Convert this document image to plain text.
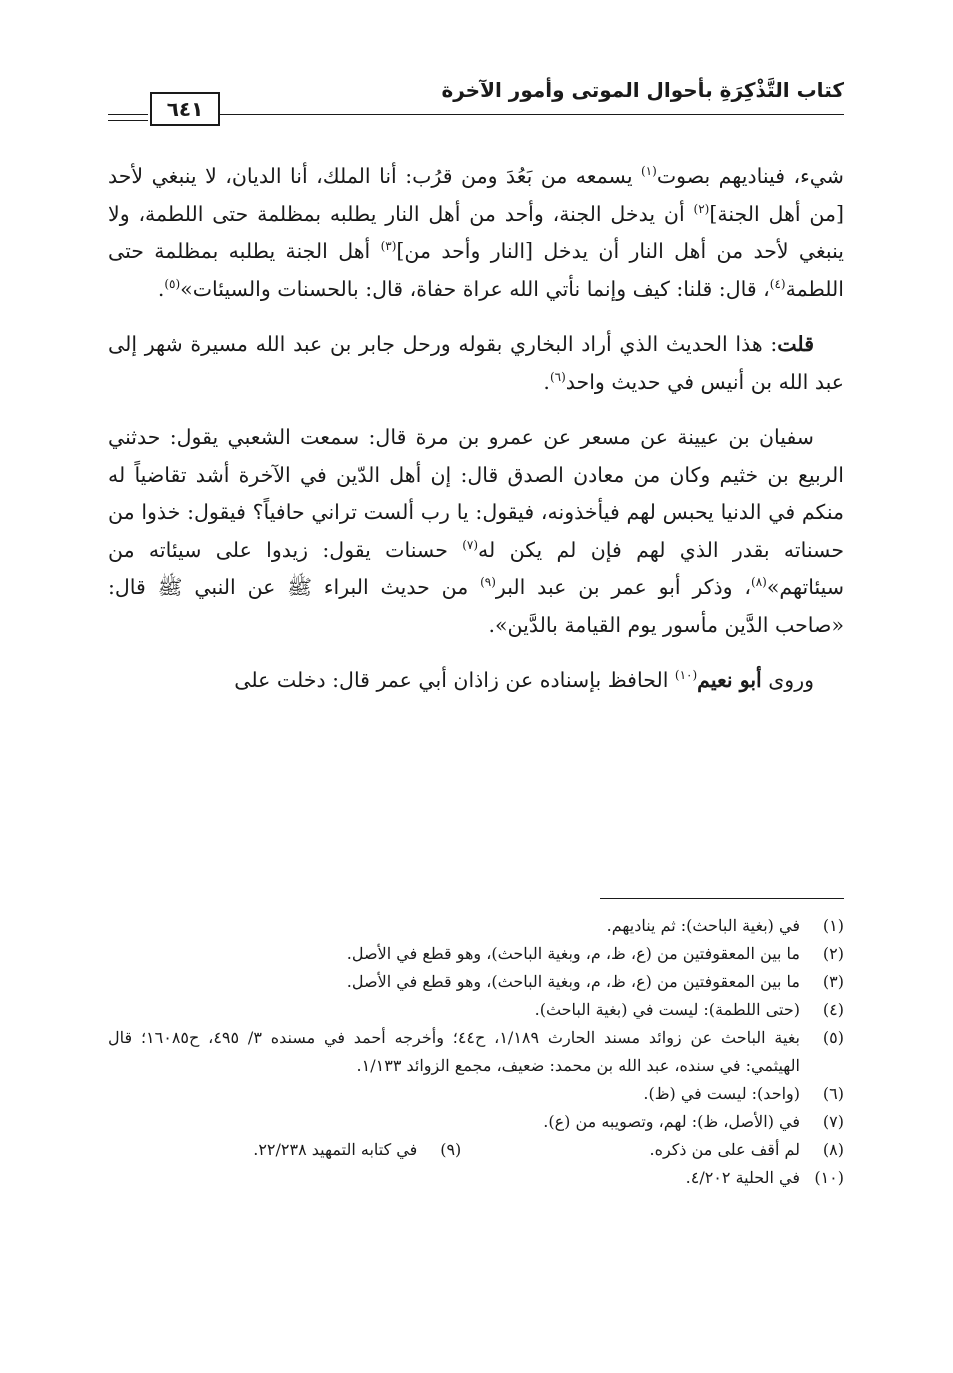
كتاب التَّذْكِرَةِ بأحوال الموتى وأمور الآخرة
٦٤١

شيء، فيناديهم بصوت$^{(١)}$ يسمعه من بَعُدَ ومن قرُب: أنا الملك، أنا الديان، لا ينبغي لأحد [من أهل الجنة]$^{(٢)}$ أن يدخل الجنة، وأحد من أهل النار يطلبه بمظلمة حتى اللطمة، ولا ينبغي لأحد من أهل النار أن يدخل [النار وأحد من]$^{(٣)}$ أهل الجنة يطلبه بمظلمة حتى اللطمة$^{(٤)}$، قال: قلنا: كيف وإنما نأتي الله عراة حفاة، قال: بالحسنات والسيئات»$^{(٥)}$.

قلت: هذا الحديث الذي أراد البخاري بقوله ورحل جابر بن عبد الله مسيرة شهر إلى عبد الله بن أنيس في حديث واحد$^{(٦)}$.

سفيان بن عيينة عن مسعر عن عمرو بن مرة قال: سمعت الشعبي يقول: حدثني الربيع بن خثيم وكان من معادن الصدق قال: إن أهل الدّين في الآخرة أشد تقاضياً له منكم في الدنيا يحبس لهم فيأخذونه، فيقول: يا رب ألست تراني حافياً؟ فيقول: خذوا من حسناته بقدر الذي لهم فإن لم يكن له$^{(٧)}$ حسنات يقول: زيدوا على سيئاته من سيئاتهم»$^{(٨)}$، وذكر أبو عمر بن عبد البر$^{(٩)}$ من حديث البراء ﷺ عن النبي ﷺ قال: «صاحب الدَّين مأسور يوم القيامة بالدَّين».

وروى أبو نعيم$^{(١٠)}$ الحافظ بإسناده عن زاذان أبي عمر قال: دخلت على

(١)
في (بغية الباحث): ثم يناديهم.
(٢)
ما بين المعقوفتين من (ع، ظ، م، وبغية الباحث)، وهو قطع في الأصل.
(٣)
ما بين المعقوفتين من (ع، ظ، م، وبغية الباحث)، وهو قطع في الأصل.
(٤)
(حتى اللطمة): ليست في (بغية الباحث).
(٥)
بغية الباحث عن زوائد مسند الحارث ١/١٨٩، ح٤٤؛ وأخرجه أحمد في مسنده ٣/ ٤٩٥، ح١٦٠٨٥؛ قال الهيثمي: في سنده، عبد الله بن محمد: ضعيف، مجمع الزوائد ١/١٣٣.
(٦)
(واحد): ليست في (ظ).
(٧)
في (الأصل، ظ): لهم، وتصويبه من (ع).
(٨)
لم أقف على من ذكره.
(٩)
في كتابه التمهيد ٢٢/٢٣٨.
(١٠)
في الحلية ٤/٢٠٢.
